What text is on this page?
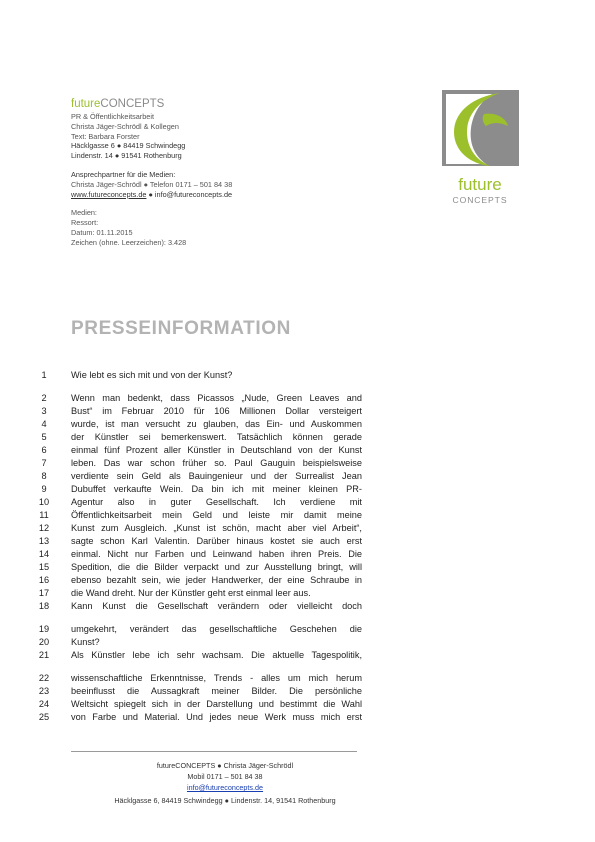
futureCONCEPTS
PR & Öffentlichkeitsarbeit
Christa Jäger-Schrödl & Kollegen
Text: Barbara Forster
Häcklgasse 6 ● 84419 Schwindegg
Lindenstr. 14 ● 91541 Rothenburg
Ansprechpartner für die Medien:
Christa Jäger-Schrödl ● Telefon 0171 – 501 84 38
www.futureconcepts.de ● info@futureconcepts.de
Medien:
Ressort:
Datum: 01.11.2015
Zeichen (ohne. Leerzeichen): 3.428
future
CONCEPTS
PRESSEINFORMATION
1	Wie lebt es sich mit und von der Kunst?
2	Wenn man bedenkt, dass Picassos „Nude, Green Leaves and
3	Bust“ im Februar 2010 für 106 Millionen Dollar versteigert
4	wurde, ist man versucht zu glauben, das Ein- und Auskommen
5	der Künstler sei bemerkenswert. Tatsächlich können gerade
6	einmal fünf Prozent aller Künstler in Deutschland von der Kunst
7	leben. Das war schon früher so. Paul Gauguin beispielsweise
8	verdiente sein Geld als Bauingenieur und der Surrealist Jean
9	Dubuffet verkaufte Wein. Da bin ich mit meiner kleinen PR-
10	Agentur also in guter Gesellschaft. Ich verdiene mit
11	Öffentlichkeitsarbeit mein Geld und leiste mir damit meine
12	Kunst zum Ausgleich. „Kunst ist schön, macht aber viel Arbeit“,
13	sagte schon Karl Valentin. Darüber hinaus kostet sie auch erst
14	einmal. Nicht nur Farben und Leinwand haben ihren Preis. Die
15	Spedition, die die Bilder verpackt und zur Ausstellung bringt, will
16	ebenso bezahlt sein, wie jeder Handwerker, der eine Schraube in
17	die Wand dreht. Nur der Künstler geht erst einmal leer aus.
18	Kann Kunst die Gesellschaft verändern oder vielleicht doch
19	umgekehrt, verändert das gesellschaftliche Geschehen die
20	Kunst?
21	Als Künstler lebe ich sehr wachsam. Die aktuelle Tagespolitik,
22	wissenschaftliche Erkenntnisse, Trends - alles um mich herum
23	beeinflusst die Aussagkraft meiner Bilder. Die persönliche
24	Weltsicht spiegelt sich in der Darstellung und bestimmt die Wahl
25	von Farbe und Material. Und jedes neue Werk muss mich erst
futureCONCEPTS ● Christa Jäger-Schrödl
Mobil 0171 – 501 84 38
info@futureconcepts.de
Häcklgasse 6, 84419 Schwindegg ● Lindenstr. 14, 91541 Rothenburg
